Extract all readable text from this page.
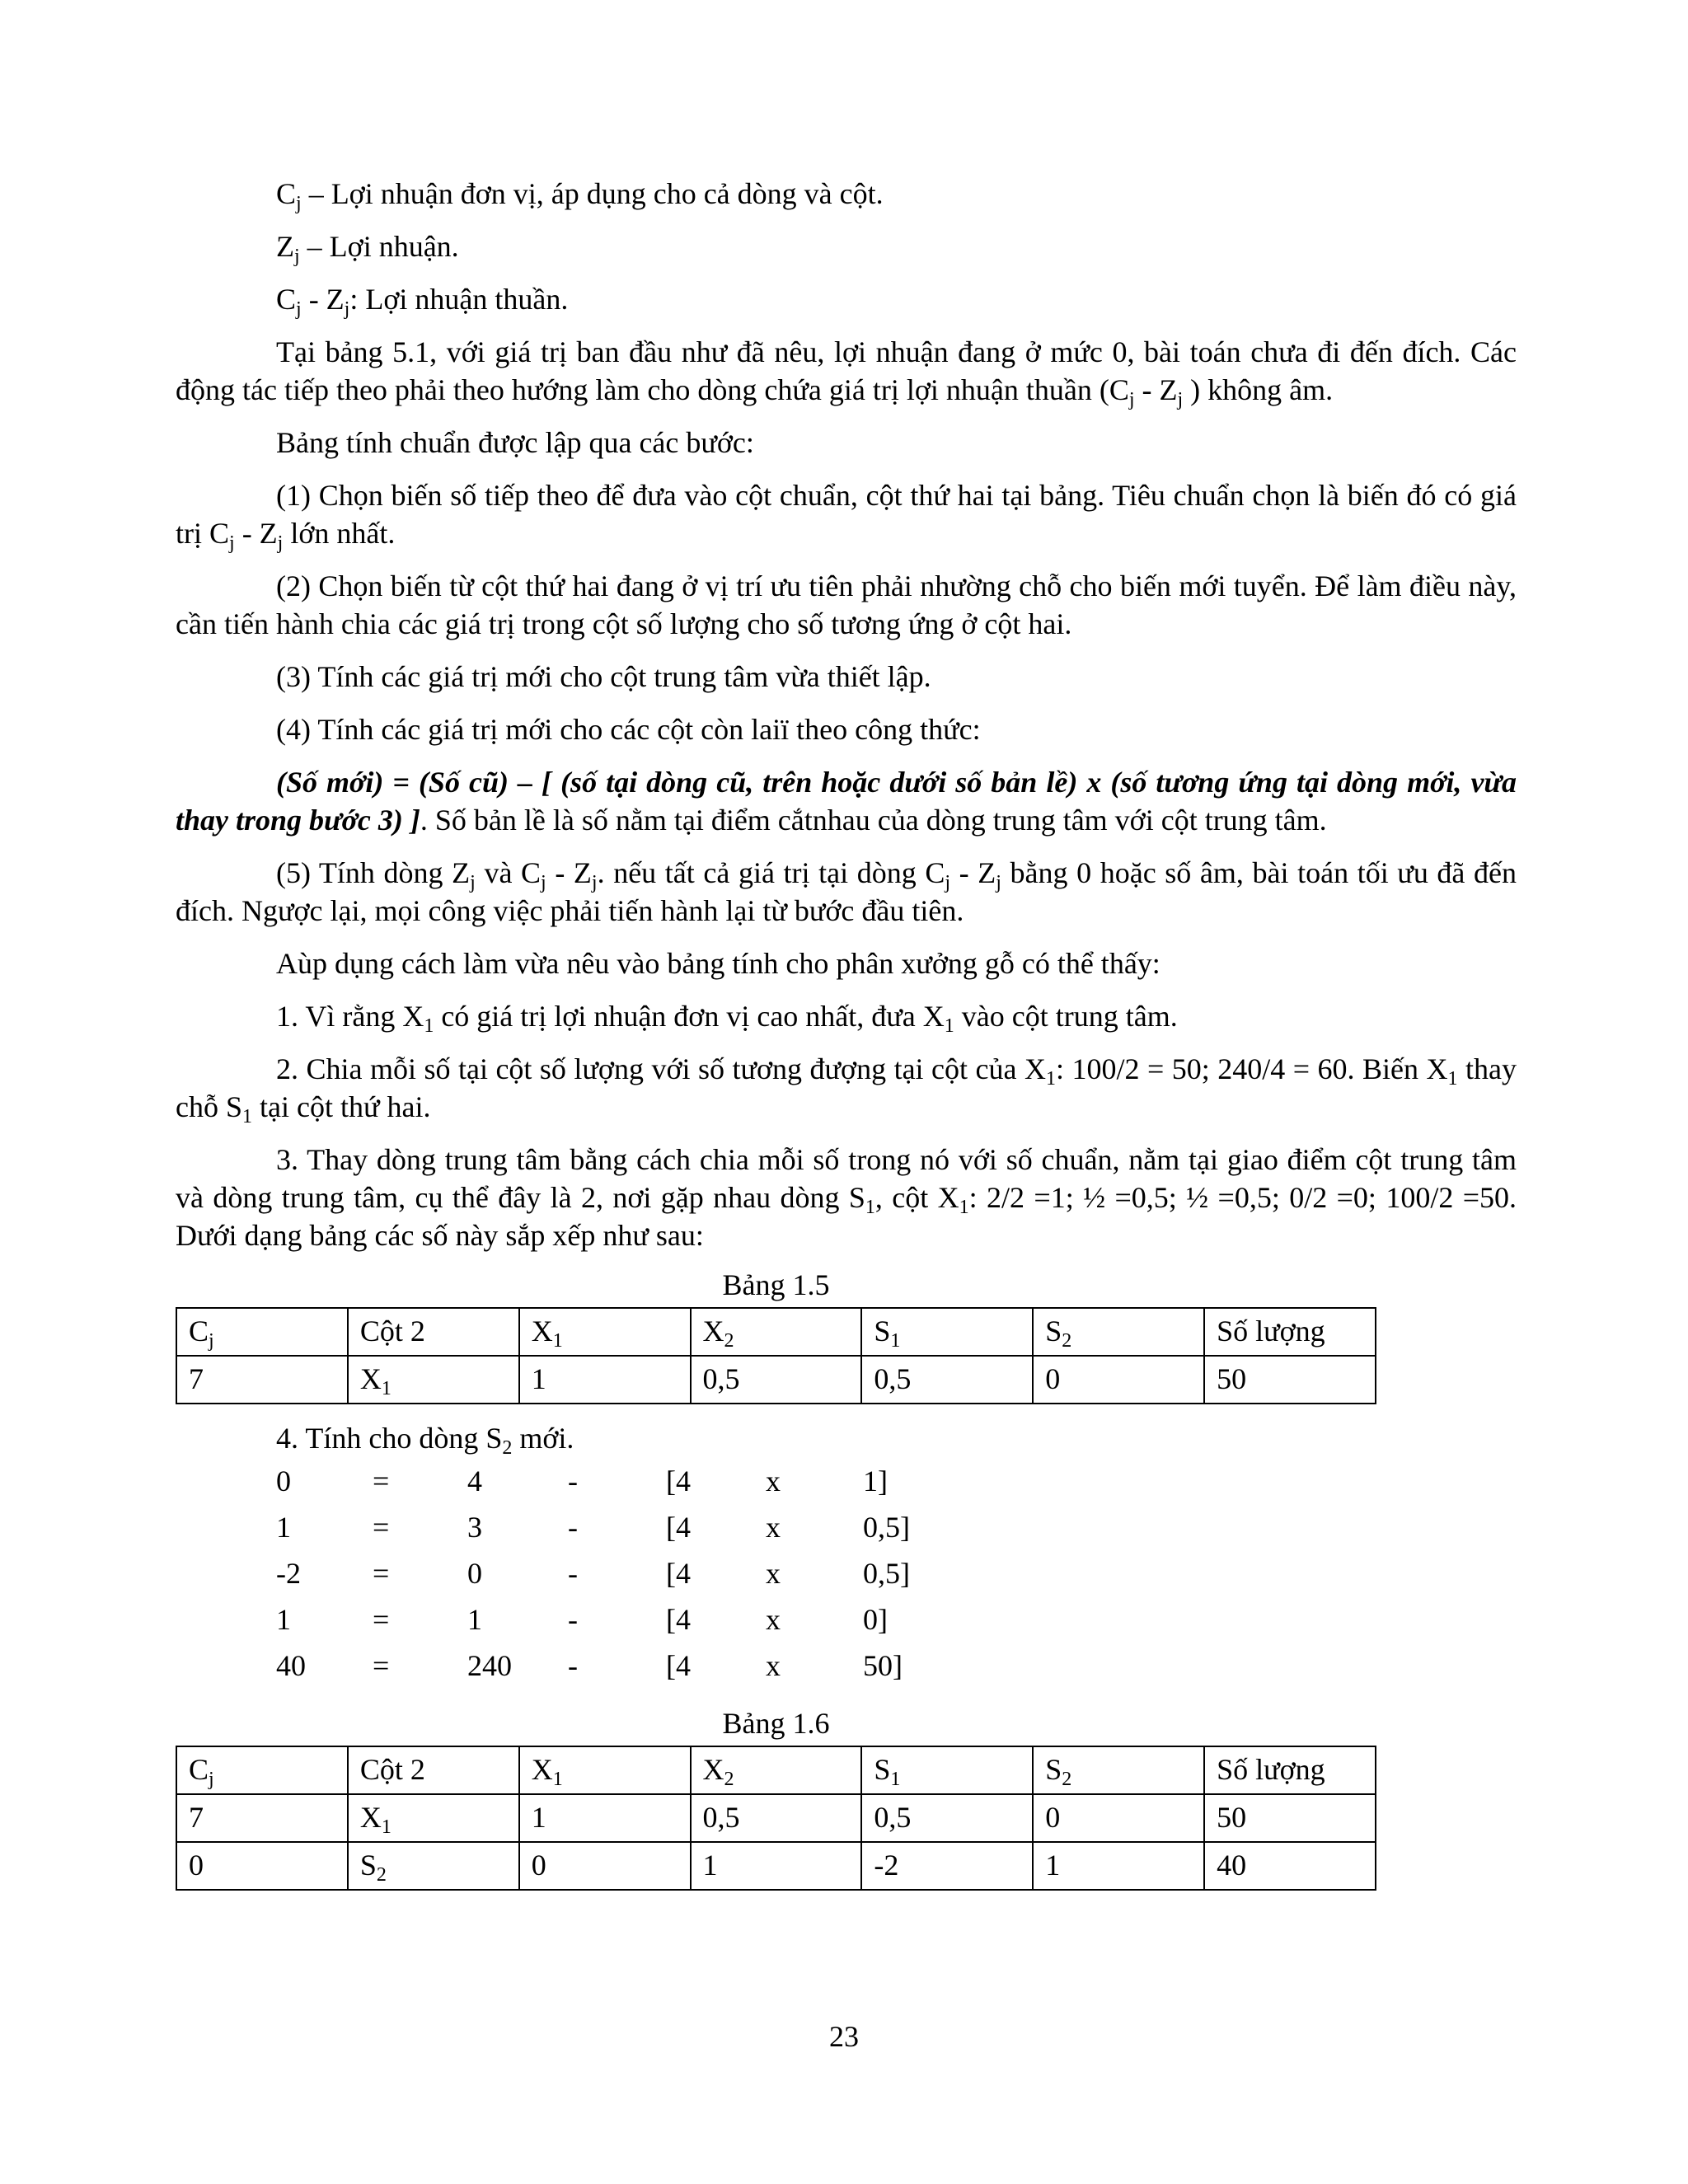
$C_j$ – Lợi nhuận đơn vị, áp dụng cho cả dòng và cột.

$Z_j$ – Lợi nhuận.

$C_j - Z_j$: Lợi nhuận thuần.

Tại bảng 5.1, với giá trị ban đầu như đã nêu, lợi nhuận đang ở mức 0, bài toán chưa đi đến đích. Các động tác tiếp theo phải theo hướng làm cho dòng chứa giá trị lợi nhuận thuần ($C_j - Z_j$ ) không âm.

Bảng tính chuẩn được lập qua các bước:

(1) Chọn biến số tiếp theo để đưa vào cột chuẩn, cột thứ hai tại bảng. Tiêu chuẩn chọn là biến đó có giá trị $C_j - Z_j$ lớn nhất.

(2) Chọn biến từ cột thứ hai đang ở vị trí ưu tiên phải nhường chỗ cho biến mới tuyển. Để làm điều này, cần tiến hành chia các giá trị trong cột số lượng cho số tương ứng ở cột hai.

(3) Tính các giá trị mới cho cột trung tâm vừa thiết lập.

(4) Tính các giá trị mới cho các cột còn laiï theo công thức:

(Số mới) = (Số cũ) – [ (số tại dòng cũ, trên hoặc dưới số bản lề) x (số tương ứng tại dòng mới, vừa thay trong bước 3) ]. Số bản lề là số nằm tại điểm cắtnhau của dòng trung tâm với cột trung tâm.

(5) Tính dòng $Z_j$ và $C_j - Z_j$. nếu tất cả giá trị tại dòng $C_j - Z_j$ bằng 0 hoặc số âm, bài toán tối ưu đã đến đích. Ngược lại, mọi công việc phải tiến hành lại từ bước đầu tiên.

Aùp dụng cách làm vừa nêu vào bảng tính cho phân xưởng gỗ có thể thấy:

1. Vì rằng $X_1$ có giá trị lợi nhuận đơn vị cao nhất, đưa $X_1$ vào cột trung tâm.

2. Chia mỗi số tại cột số lượng với số tương đượng tại cột của $X_1$: 100/2 = 50; 240/4 = 60. Biến $X_1$ thay chỗ $S_1$ tại cột thứ hai.

3. Thay dòng trung tâm bằng cách chia mỗi số trong nó với số chuẩn, nằm tại giao điểm cột trung tâm và dòng trung tâm, cụ thể đây là 2, nơi gặp nhau dòng $S_1$, cột $X_1$: 2/2 =1; ½ =0,5; ½ =0,5; 0/2 =0; 100/2 =50. Dưới dạng bảng các số này sắp xếp như sau:

Bảng 1.5
$C_j$	Cột 2	$X_1$	$X_2$	$S_1$	$S_2$	Số lượng
7	$X_1$	1	0,5	0,5	0	50

4. Tính cho dòng $S_2$ mới.

0	=	4	-	[4	x	1]
1	=	3	-	[4	x	0,5]
-2 =	0	-	[4	x	0,5]
1	=	1	-	[4	x	0]
40 =	240 -	[4	x	50]
Bảng 1.6
$C_j$	Cột 2	$X_1$	$X_2$	$S_1$	$S_2$	Số lượng
7	$X_1$	1	0,5	0,5	0	50
0	$S_2$	0	1	-2	1	40
23
